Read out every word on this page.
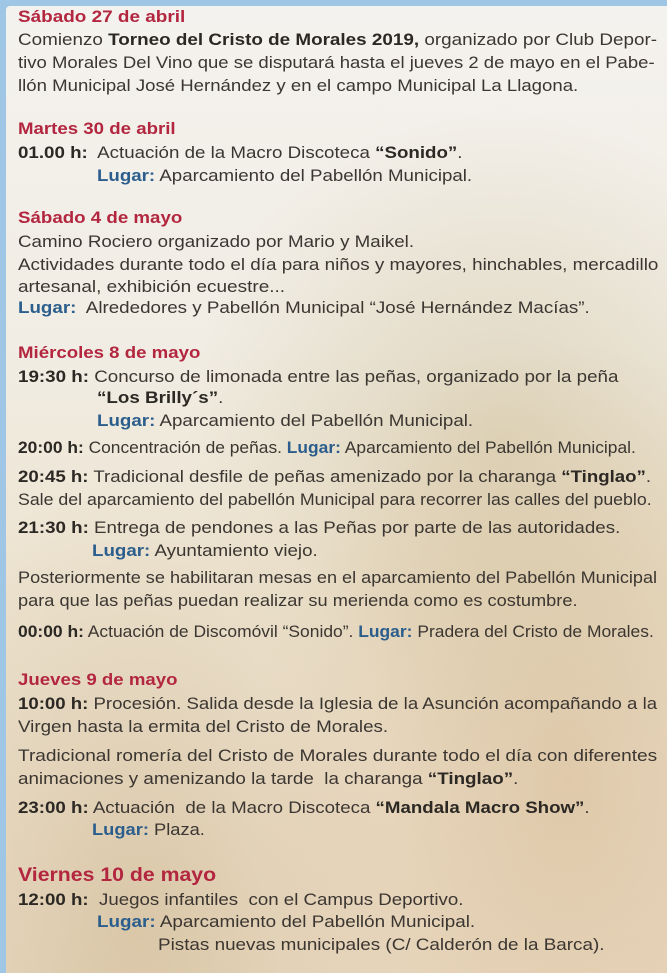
Sábado 27 de abril
Comienzo Torneo del Cristo de Morales 2019, organizado por Club Depor-
tivo Morales Del Vino que se disputará hasta el jueves 2 de mayo en el Pabe-
llón Municipal José Hernández y en el campo Municipal La Llagona.
Martes 30 de abril
01.00 h:  Actuación de la Macro Discoteca “Sonido”.
Lugar: Aparcamiento del Pabellón Municipal.
Sábado 4 de mayo
Camino Rociero organizado por Mario y Maikel.
Actividades durante todo el día para niños y mayores, hinchables, mercadillo
artesanal, exhibición ecuestre...
Lugar:  Alrededores y Pabellón Municipal “José Hernández Macías”.
Miércoles 8 de mayo
19:30 h: Concurso de limonada entre las peñas, organizado por la peña
“Los Brilly´s”.
Lugar: Aparcamiento del Pabellón Municipal.
20:00 h: Concentración de peñas. Lugar: Aparcamiento del Pabellón Municipal.
20:45 h: Tradicional desfile de peñas amenizado por la charanga “Tinglao”.
Sale del aparcamiento del pabellón Municipal para recorrer las calles del pueblo.
21:30 h: Entrega de pendones a las Peñas por parte de las autoridades.
Lugar: Ayuntamiento viejo.
Posteriormente se habilitaran mesas en el aparcamiento del Pabellón Municipal
para que las peñas puedan realizar su merienda como es costumbre.
00:00 h: Actuación de Discomóvil “Sonido”. Lugar: Pradera del Cristo de Morales.
Jueves 9 de mayo
10:00 h: Procesión. Salida desde la Iglesia de la Asunción acompañando a la
Virgen hasta la ermita del Cristo de Morales.
Tradicional romería del Cristo de Morales durante todo el día con diferentes
animaciones y amenizando la tarde  la charanga “Tinglao”.
23:00 h: Actuación  de la Macro Discoteca “Mandala Macro Show”.
Lugar: Plaza.
Viernes 10 de mayo
12:00 h:  Juegos infantiles  con el Campus Deportivo.
Lugar: Aparcamiento del Pabellón Municipal.
Pistas nuevas municipales (C/ Calderón de la Barca).
